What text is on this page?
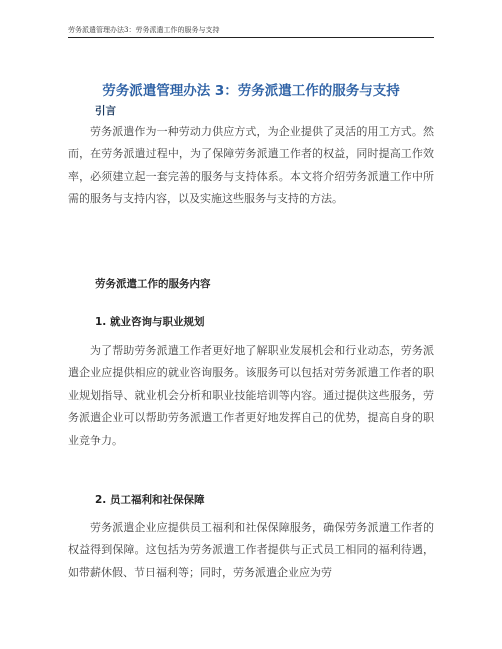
劳务派遣管理办法3：劳务派遣工作的服务与支持
劳务派遣管理办法 3：劳务派遣工作的服务与支持
引言

劳务派遣作为一种劳动力供应方式，为企业提供了灵活的用工方式。然而，在劳务派遣过程中，为了保障劳务派遣工作者的权益，同时提高工作效率，必须建立起一套完善的服务与支持体系。本文将介绍劳务派遣工作中所需的服务与支持内容，以及实施这些服务与支持的方法。

劳务派遣工作的服务内容
1. 就业咨询与职业规划

为了帮助劳务派遣工作者更好地了解职业发展机会和行业动态，劳务派遣企业应提供相应的就业咨询服务。该服务可以包括对劳务派遣工作者的职业规划指导、就业机会分析和职业技能培训等内容。通过提供这些服务，劳务派遣企业可以帮助劳务派遣工作者更好地发挥自己的优势，提高自身的职业竞争力。

2. 员工福利和社保保障

劳务派遣企业应提供员工福利和社保保障服务，确保劳务派遣工作者的权益得到保障。这包括为劳务派遣工作者提供与正式员工相同的福利待遇，如带薪休假、节日福利等；同时，劳务派遣企业应为劳
